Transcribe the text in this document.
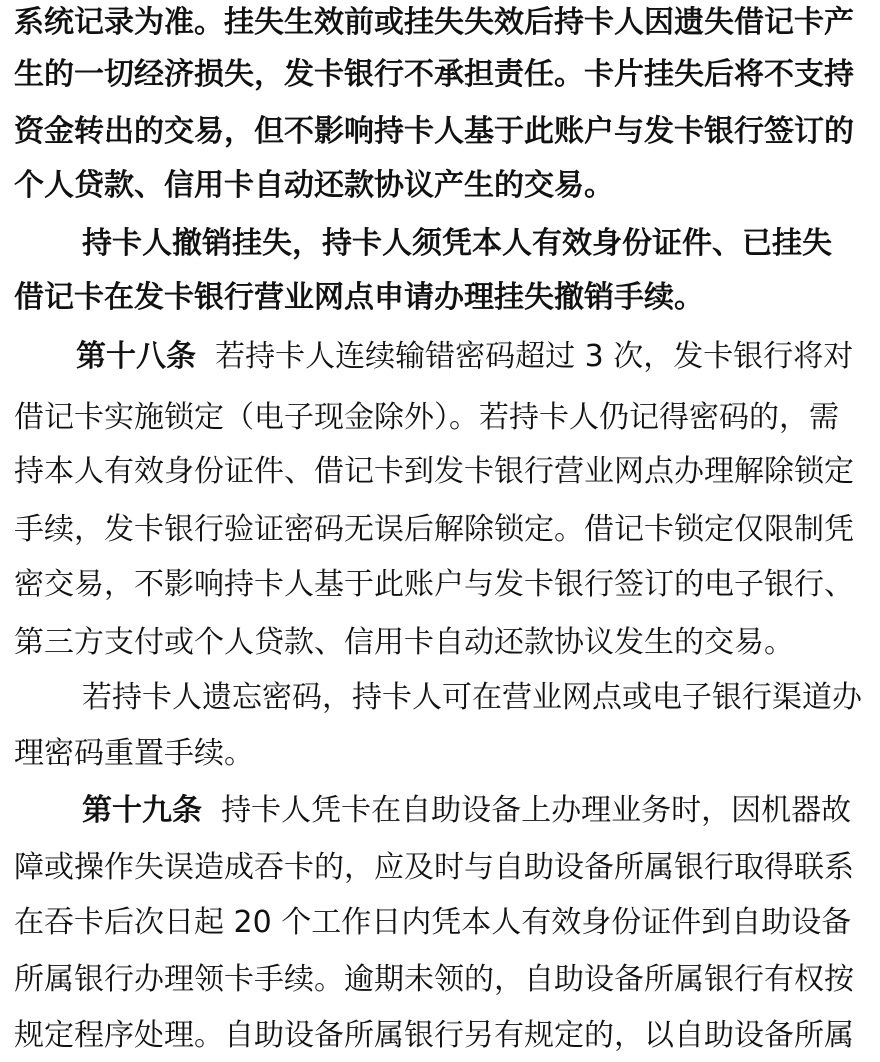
系统记录为准。挂失生效前或挂失失效后持卡人因遗失借记卡产
生的一切经济损失，发卡银行不承担责任。卡片挂失后将不支持
资金转出的交易，但不影响持卡人基于此账户与发卡银行签订的
个人贷款、信用卡自动还款协议产生的交易。
持卡人撤销挂失，持卡人须凭本人有效身份证件、已挂失
借记卡在发卡银行营业网点申请办理挂失撤销手续。
第十八条 若持卡人连续输错密码超过 3 次，发卡银行将对
借记卡实施锁定（电子现金除外）。若持卡人仍记得密码的，需
持本人有效身份证件、借记卡到发卡银行营业网点办理解除锁定
手续，发卡银行验证密码无误后解除锁定。借记卡锁定仅限制凭
密交易，不影响持卡人基于此账户与发卡银行签订的电子银行、
第三方支付或个人贷款、信用卡自动还款协议发生的交易。
若持卡人遗忘密码，持卡人可在营业网点或电子银行渠道办
理密码重置手续。
第十九条 持卡人凭卡在自助设备上办理业务时，因机器故
障或操作失误造成吞卡的，应及时与自助设备所属银行取得联系
在吞卡后次日起 20 个工作日内凭本人有效身份证件到自助设备
所属银行办理领卡手续。逾期未领的，自助设备所属银行有权按
规定程序处理。自助设备所属银行另有规定的，以自助设备所属
